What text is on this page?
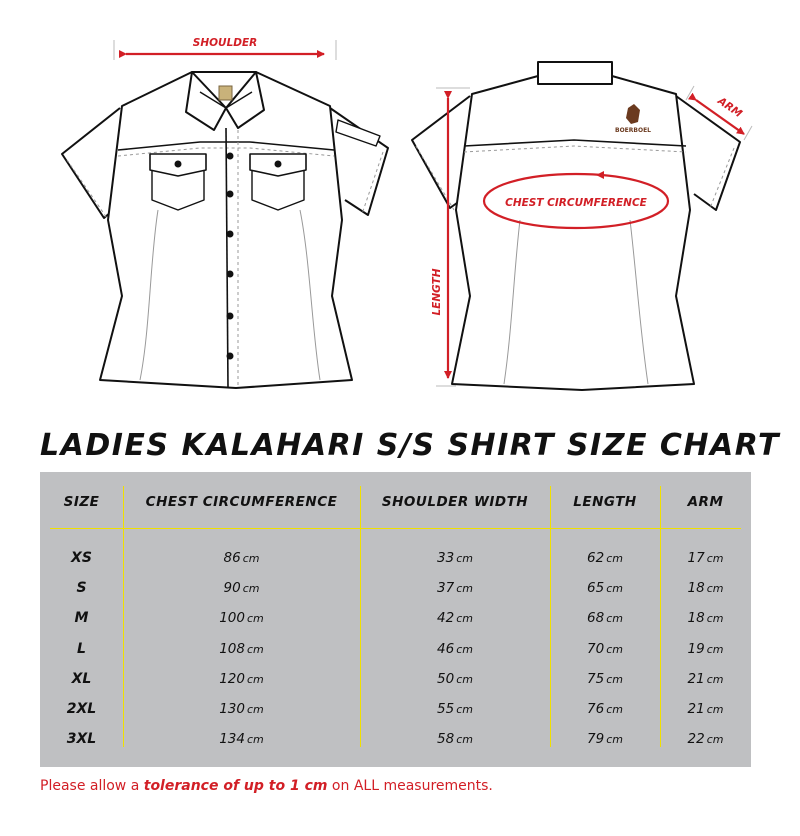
SHOULDER
BOERBOEL
CHEST CIRCUMFERENCE
LENGTH
ARM
LADIES KALAHARI S/S SHIRT SIZE CHART
SIZE	CHEST CIRCUMFERENCE	SHOULDER WIDTH	LENGTH	ARM
XS	86 cm	33 cm	62 cm	17 cm
S	90 cm	37 cm	65 cm	18 cm
M	100 cm	42 cm	68 cm	18 cm
L	108 cm	46 cm	70 cm	19 cm
XL	120 cm	50 cm	75 cm	21 cm
2XL	130 cm	55 cm	76 cm	21 cm
3XL	134 cm	58 cm	79 cm	22 cm

Please allow a tolerance of up to 1 cm on ALL measurements.
